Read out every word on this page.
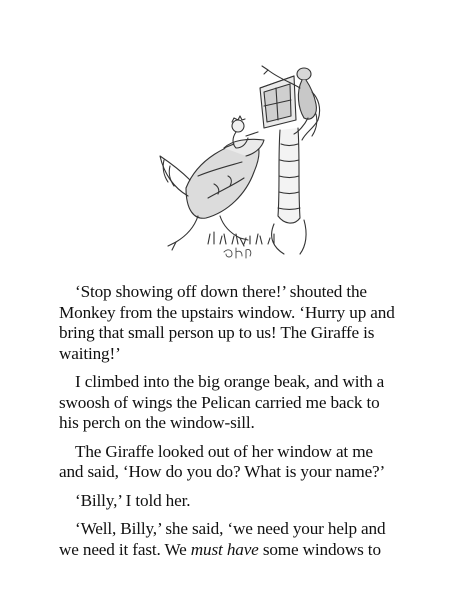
‘Stop showing off down there!’ shouted the
Monkey from the upstairs window. ‘Hurry up and
bring that small person up to us! The Giraffe is
waiting!’

I climbed into the big orange beak, and with a
swoosh of wings the Pelican carried me back to
his perch on the window-sill.

The Giraffe looked out of her window at me
and said, ‘How do you do? What is your name?’

‘Billy,’ I told her.

‘Well, Billy,’ she said, ‘we need your help and
we need it fast. We must have some windows to
